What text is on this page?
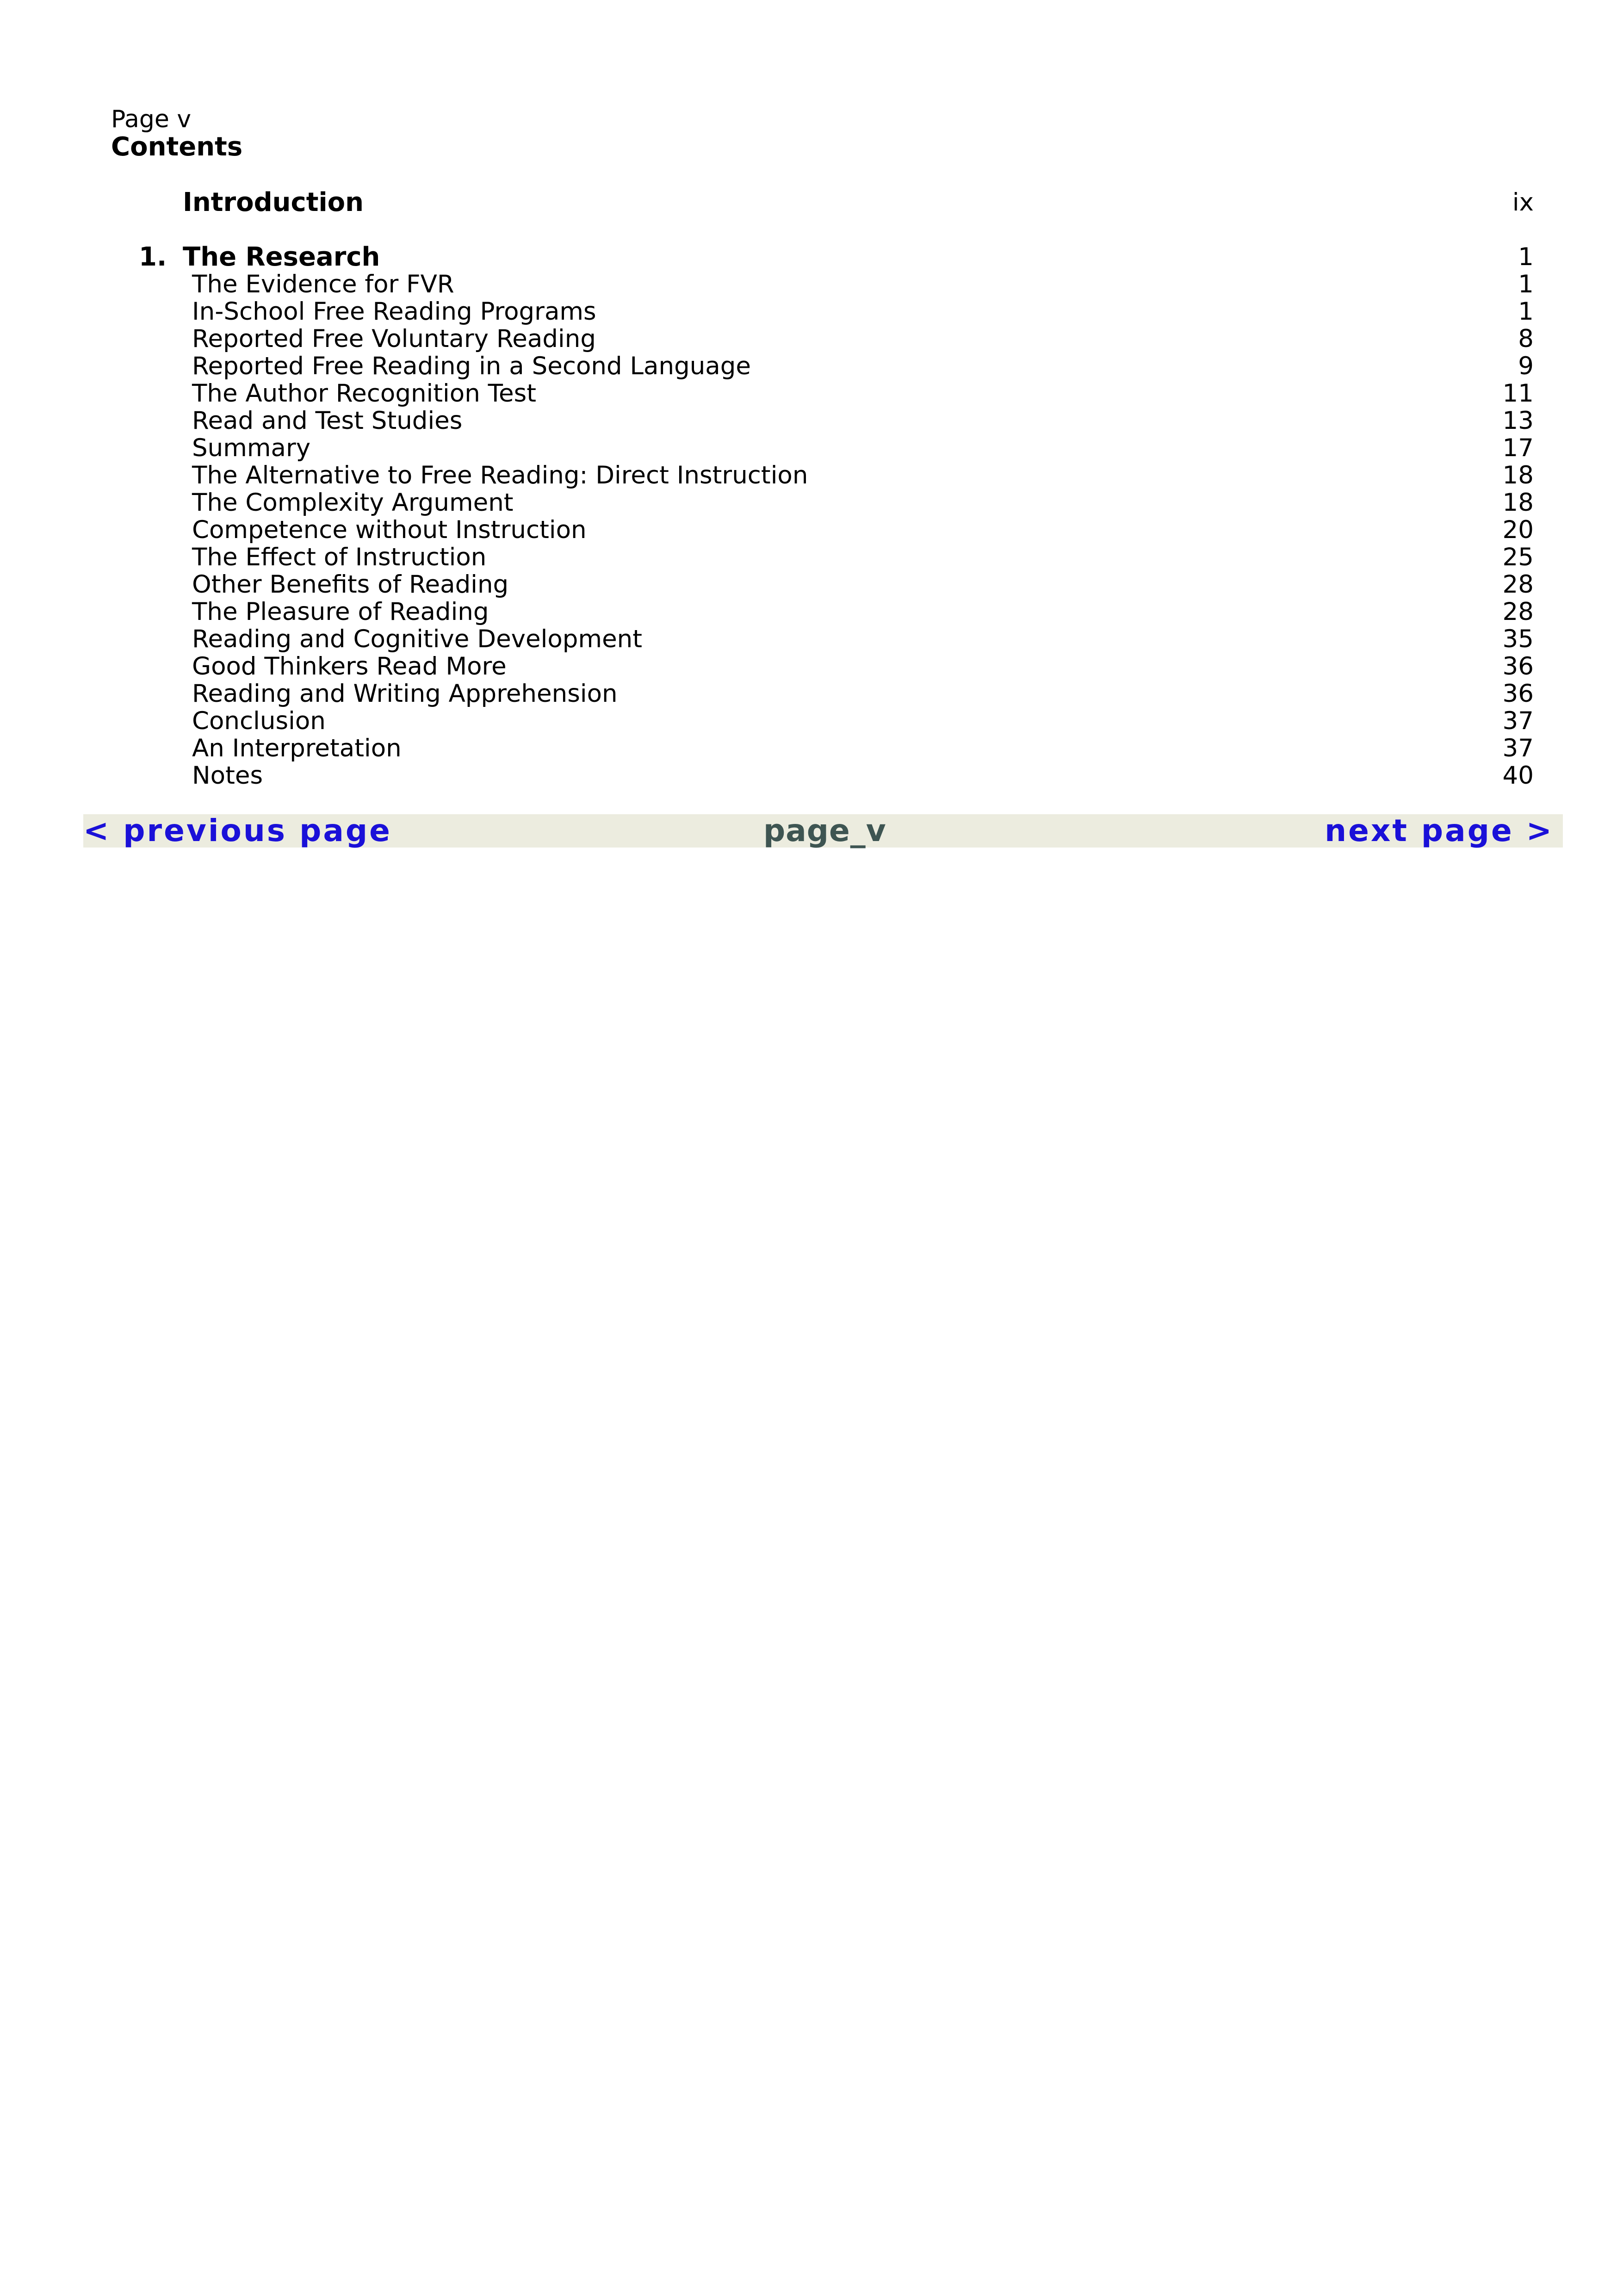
Page v
Contents
Introduction	ix
1. The Research	1
The Evidence for FVR	1
In-School Free Reading Programs	1
Reported Free Voluntary Reading	8
Reported Free Reading in a Second Language	9
The Author Recognition Test	11
Read and Test Studies	13
Summary	17
The Alternative to Free Reading: Direct Instruction	18
The Complexity Argument	18
Competence without Instruction	20
The Effect of Instruction	25
Other Benefits of Reading	28
The Pleasure of Reading	28
Reading and Cognitive Development	35
Good Thinkers Read More	36
Reading and Writing Apprehension	36
Conclusion	37
An Interpretation	37
Notes	40
< previous page	page_v	next page >
